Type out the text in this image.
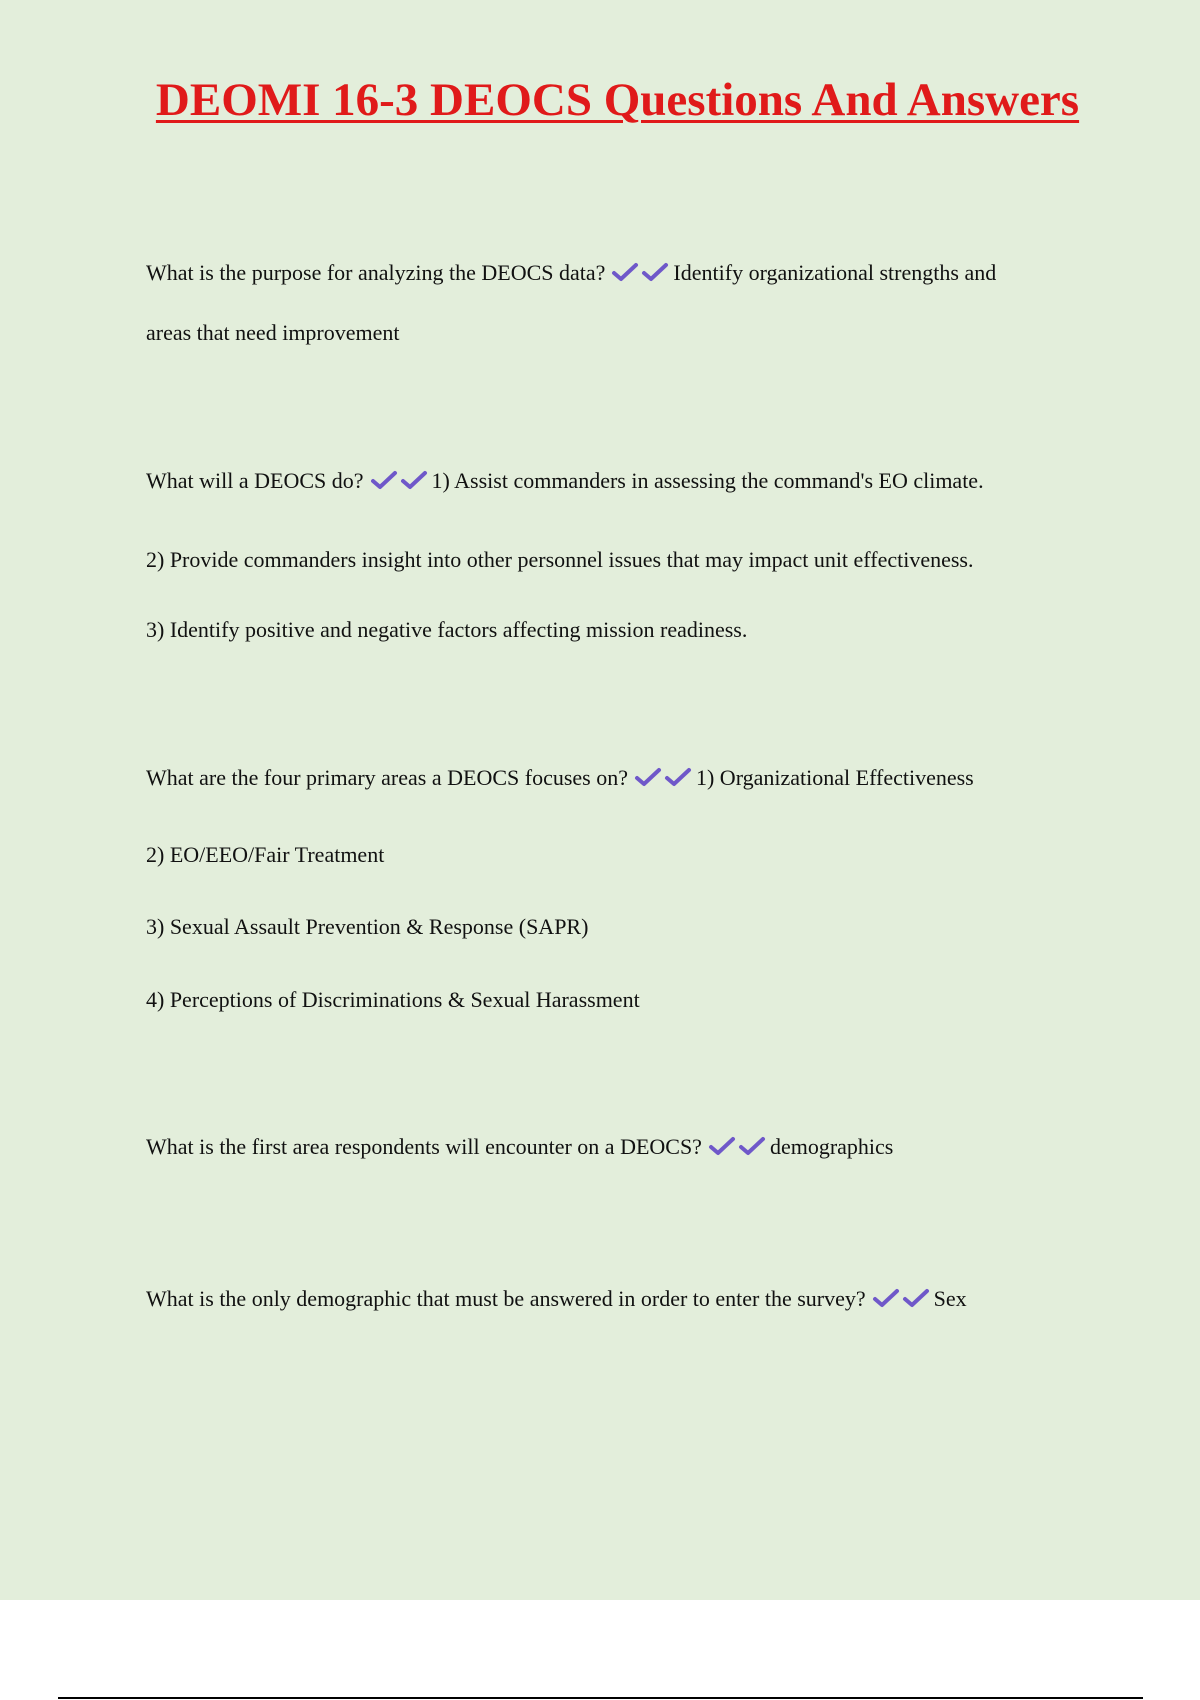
DEOMI 16-3 DEOCS Questions And Answers

What is the purpose for analyzing the DEOCS data?	Identify organizational strengths and

areas that need improvement

What will a DEOCS do?	1) Assist commanders in assessing the command's EO climate.

2) Provide commanders insight into other personnel issues that may impact unit effectiveness.

3) Identify positive and negative factors affecting mission readiness.

What are the four primary areas a DEOCS focuses on?	1) Organizational Effectiveness

2) EO/EEO/Fair Treatment

3) Sexual Assault Prevention & Response (SAPR)

4) Perceptions of Discriminations & Sexual Harassment

What is the first area respondents will encounter on a DEOCS?	demographics

What is the only demographic that must be answered in order to enter the survey?	Sex
